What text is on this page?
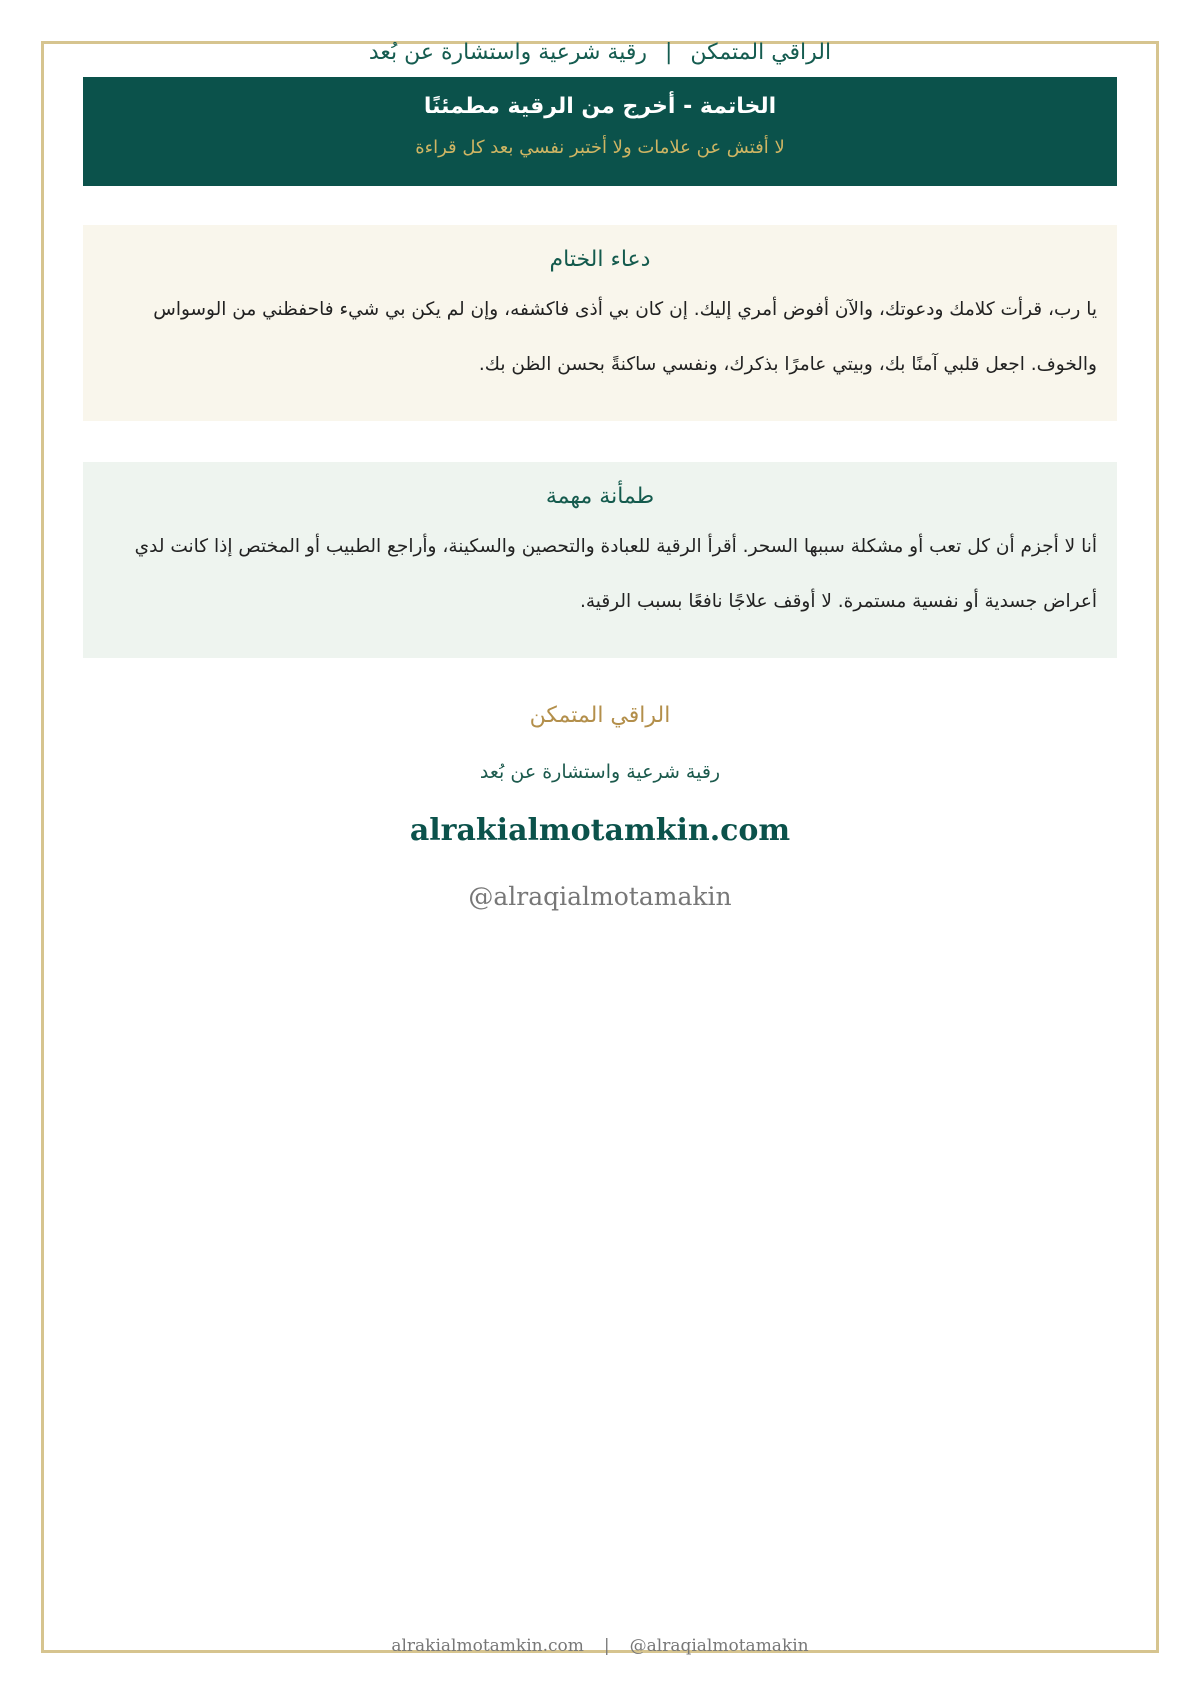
الراقي المتمكن|رقية شرعية واستشارة عن بُعد
الخاتمة - أخرج من الرقية مطمئنًا
لا أفتش عن علامات ولا أختبر نفسي بعد كل قراءة
دعاء الختام
يا رب، قرأت كلامك ودعوتك، والآن أفوض أمري إليك. إن كان بي أذى فاكشفه، وإن لم يكن بي شيء فاحفظني من الوسواس والخوف. اجعل قلبي آمنًا بك، وبيتي عامرًا بذكرك، ونفسي ساكنةً بحسن الظن بك.
طمأنة مهمة
أنا لا أجزم أن كل تعب أو مشكلة سببها السحر. أقرأ الرقية للعبادة والتحصين والسكينة، وأراجع الطبيب أو المختص إذا كانت لدي أعراض جسدية أو نفسية مستمرة. لا أوقف علاجًا نافعًا بسبب الرقية.
الراقي المتمكن
رقية شرعية واستشارة عن بُعد
alrakialmotamkin.com
@alraqialmotamakin
alrakialmotamkin.com | @alraqialmotamakin
